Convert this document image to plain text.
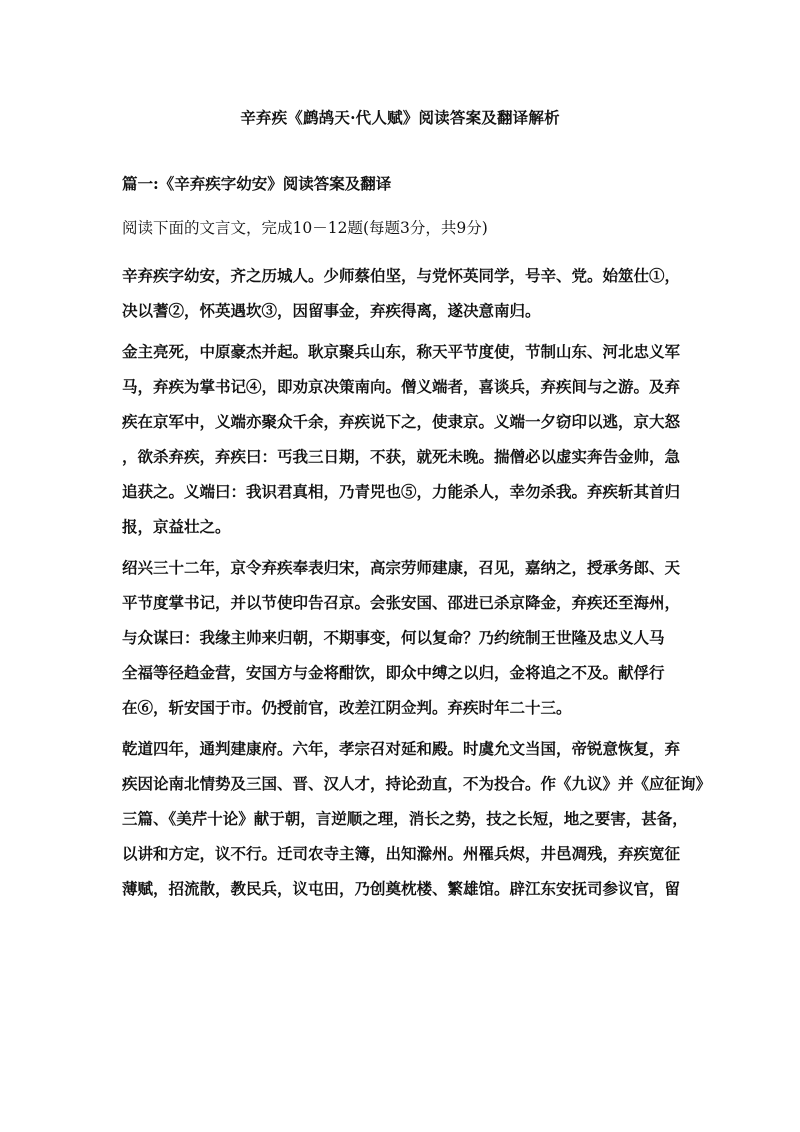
辛弃疾《鹧鸪天·代人赋》阅读答案及翻译解析
篇一:《辛弃疾字幼安》阅读答案及翻译
阅读下面的文言文，完成10－12题(每题3分，共9分)
辛弃疾字幼安，齐之历城人。少师蔡伯坚，与党怀英同学，号辛、党。始筮仕①，
决以蓍②，怀英遇坎③，因留事金，弃疾得离，遂决意南归。
金主亮死，中原豪杰并起。耿京聚兵山东，称天平节度使，节制山东、河北忠义军
马，弃疾为掌书记④，即劝京决策南向。僧义端者，喜谈兵，弃疾间与之游。及弃
疾在京军中，义端亦聚众千余，弃疾说下之，使隶京。义端一夕窃印以逃，京大怒
，欲杀弃疾，弃疾曰：丐我三日期，不获，就死未晚。揣僧必以虚实奔告金帅，急
追获之。义端曰：我识君真相，乃青兕也⑤，力能杀人，幸勿杀我。弃疾斩其首归
报，京益壮之。
绍兴三十二年，京令弃疾奉表归宋，高宗劳师建康，召见，嘉纳之，授承务郎、天
平节度掌书记，并以节使印告召京。会张安国、邵进已杀京降金，弃疾还至海州，
与众谋曰：我缘主帅来归朝，不期事变，何以复命？乃约统制王世隆及忠义人马
全福等径趋金营，安国方与金将酣饮，即众中缚之以归，金将追之不及。献俘行
在⑥，斩安国于市。仍授前官，改差江阴佥判。弃疾时年二十三。
乾道四年，通判建康府。六年，孝宗召对延和殿。时虞允文当国，帝锐意恢复，弃
疾因论南北情势及三国、晋、汉人才，持论劲直，不为投合。作《九议》并《应征询》
三篇、《美芹十论》献于朝，言逆顺之理，消长之势，技之长短，地之要害，甚备，
以讲和方定，议不行。迁司农寺主簿，出知滁州。州罹兵烬，井邑凋残，弃疾宽征
薄赋，招流散，教民兵，议屯田，乃创奠枕楼、繁雄馆。辟江东安抚司参议官，留
